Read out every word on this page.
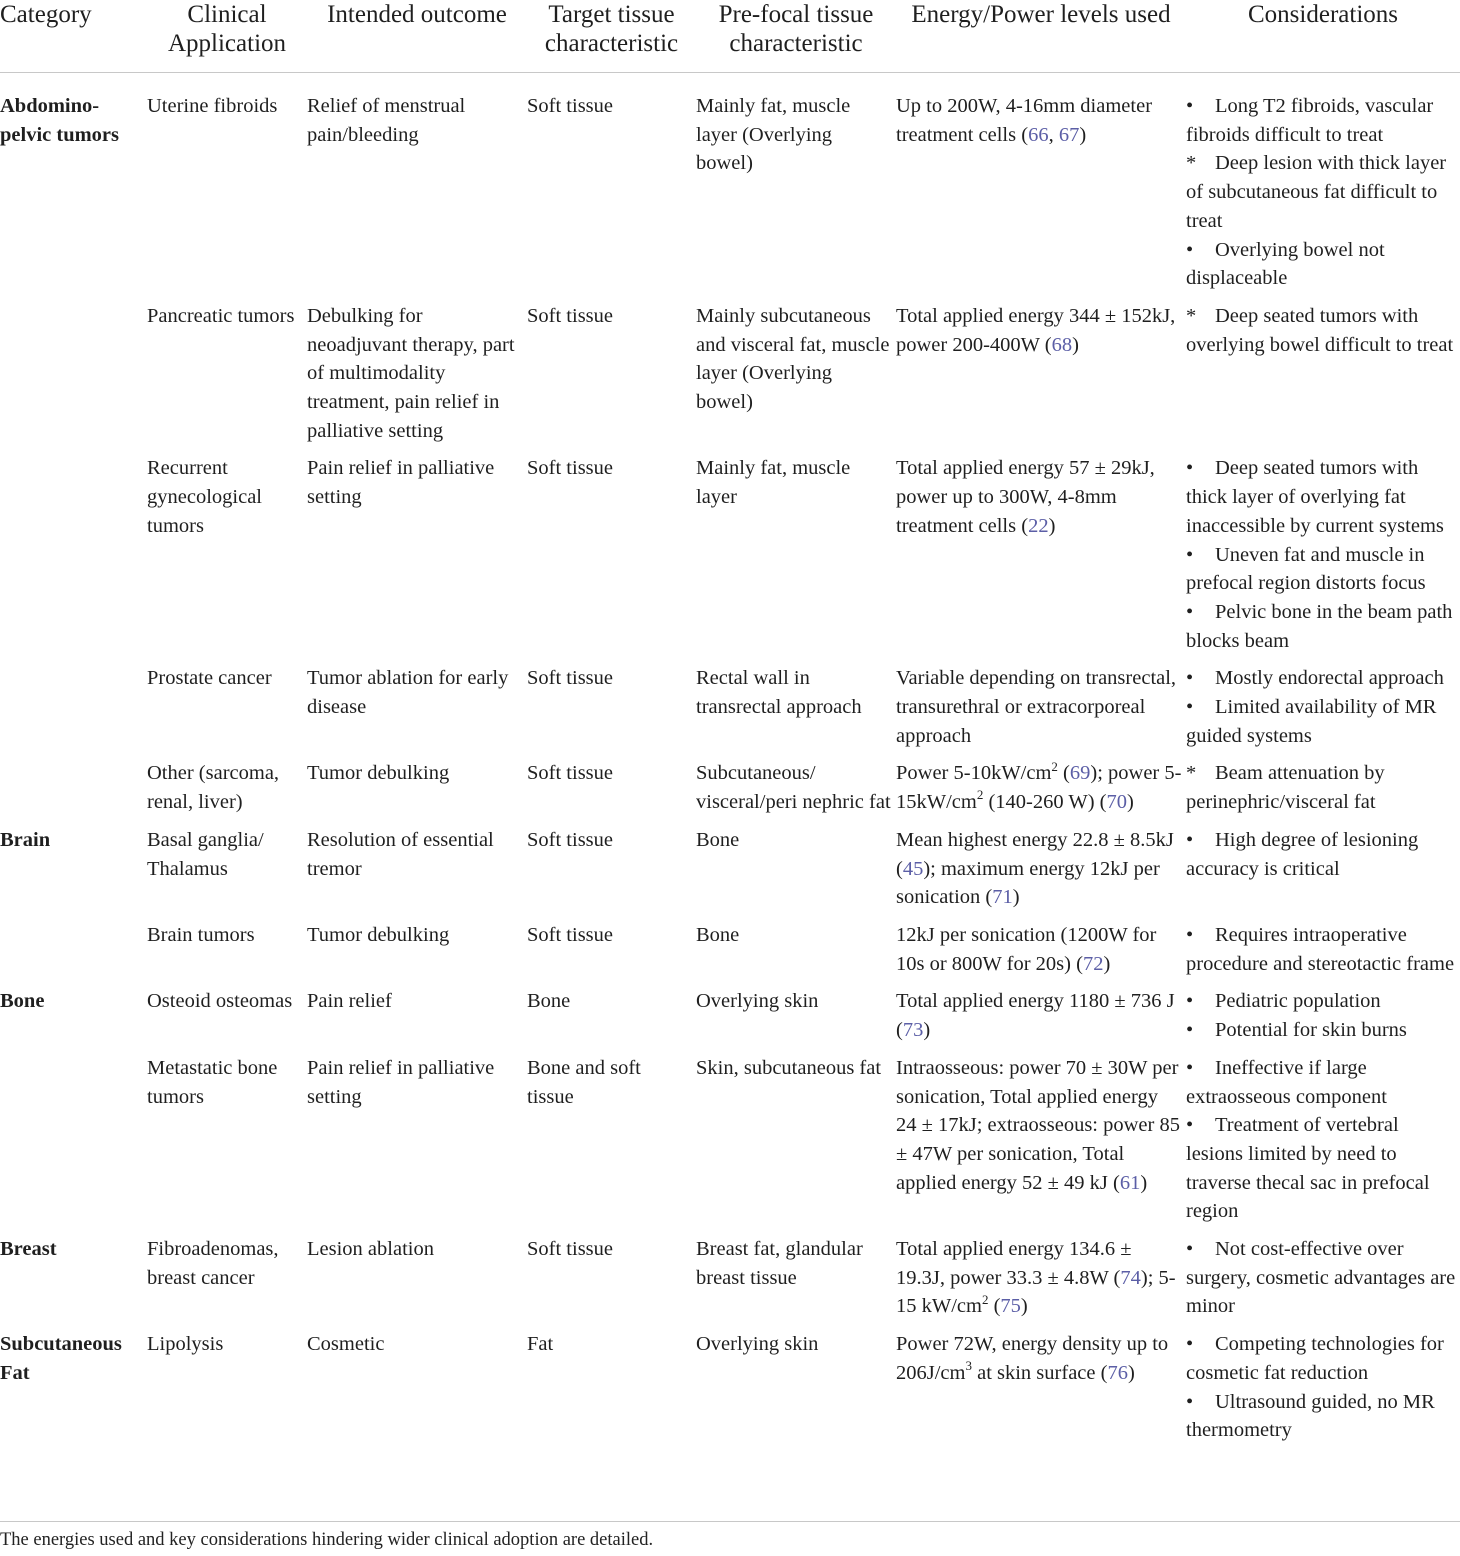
Category	Clinical Application	Intended outcome	Target tissue characteristic	Pre-focal tissue characteristic	Energy/Power levels used	Considerations
Abdomino-pelvic tumors	Uterine fibroids	Relief of menstrual pain/bleeding	Soft tissue	Mainly fat, muscle layer (Overlying bowel)	Up to 200W, 4-16mm diameter treatment cells (66, 67)	• Long T2 fibroids, vascular fibroids difficult to treat
* Deep lesion with thick layer of subcutaneous fat difficult to treat
• Overlying bowel not displaceable

	Pancreatic tumors	Debulking for neoadjuvant therapy, part of multimodality treatment, pain relief in palliative setting	Soft tissue	Mainly subcutaneous and visceral fat, muscle layer (Overlying bowel)	Total applied energy 344 ± 152kJ, power 200-400W (68)	* Deep seated tumors with overlying bowel difficult to treat

	Recurrent gynecological tumors	Pain relief in palliative setting	Soft tissue	Mainly fat, muscle layer	Total applied energy 57 ± 29kJ, power up to 300W, 4-8mm treatment cells (22)	• Deep seated tumors with thick layer of overlying fat inaccessible by current systems
• Uneven fat and muscle in prefocal region distorts focus
• Pelvic bone in the beam path blocks beam

	Prostate cancer	Tumor ablation for early disease	Soft tissue	Rectal wall in transrectal approach	Variable depending on transrectal, transurethral or extracorporeal approach	• Mostly endorectal approach
• Limited availability of MR guided systems

	Other (sarcoma, renal, liver)	Tumor debulking	Soft tissue	Subcutaneous/ visceral/peri nephric fat	Power $5-10kW/cm^2$ (69); power $5-15kW/cm^2$ (140-260 W) (70)	* Beam attenuation by perinephric/visceral fat

Brain	Basal ganglia/ Thalamus	Resolution of essential tremor	Soft tissue	Bone	Mean highest energy 22.8 ± 8.5kJ (45); maximum energy 12kJ per sonication (71)	• High degree of lesioning accuracy is critical

	Brain tumors	Tumor debulking	Soft tissue	Bone	12kJ per sonication (1200W for 10s or 800W for 20s) (72)	• Requires intraoperative procedure and stereotactic frame

Bone	Osteoid osteomas	Pain relief	Bone	Overlying skin	Total applied energy 1180 ± 736 J (73)	• Pediatric population
• Potential for skin burns

	Metastatic bone tumors	Pain relief in palliative setting	Bone and soft tissue	Skin, subcutaneous fat	Intraosseous: power 70 ± 30W per sonication, Total applied energy 24 ± 17kJ; extraosseous: power 85 ± 47W per sonication, Total applied energy 52 ± 49 kJ (61)	• Ineffective if large extraosseous component
• Treatment of vertebral lesions limited by need to traverse thecal sac in prefocal region

Breast	Fibroadenomas, breast cancer	Lesion ablation	Soft tissue	Breast fat, glandular breast tissue	Total applied energy 134.6 ± 19.3J, power 33.3 ± 4.8W (74); 5-15 $kW/cm^2$ (75)	• Not cost-effective over surgery, cosmetic advantages are minor

Subcutaneous Fat	Lipolysis	Cosmetic	Fat	Overlying skin	Power 72W, energy density up to $206J/cm^3$ at skin surface (76)	• Competing technologies for cosmetic fat reduction
• Ultrasound guided, no MR thermometry
The energies used and key considerations hindering wider clinical adoption are detailed.
